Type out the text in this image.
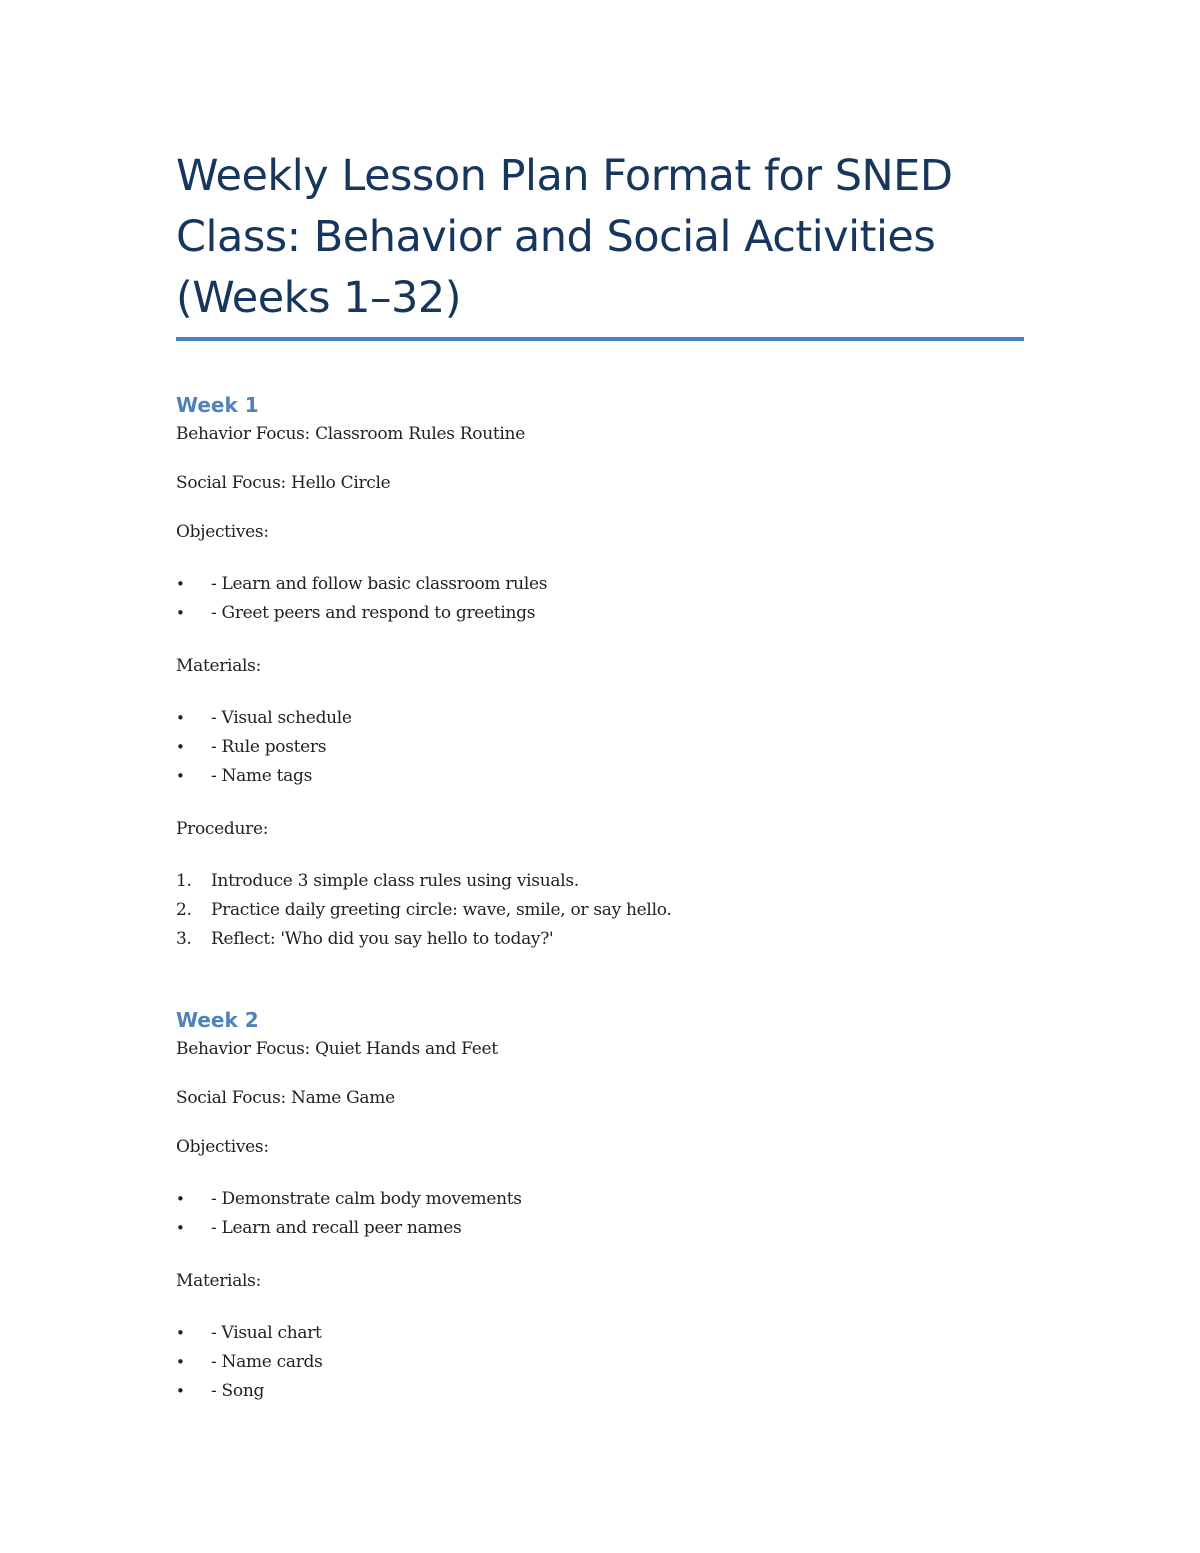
Weekly Lesson Plan Format for SNED Class: Behavior and Social Activities (Weeks 1–32)
Week 1

Behavior Focus: Classroom Rules Routine

Social Focus: Hello Circle

Objectives:

•	- Learn and follow basic classroom rules
•	- Greet peers and respond to greetings

Materials:

•	- Visual schedule
•	- Rule posters
•	- Name tags

Procedure:

1.	Introduce 3 simple class rules using visuals.
2.	Practice daily greeting circle: wave, smile, or say hello.
3.	Reflect: 'Who did you say hello to today?'
Week 2

Behavior Focus: Quiet Hands and Feet

Social Focus: Name Game

Objectives:

•	- Demonstrate calm body movements
•	- Learn and recall peer names

Materials:

•	- Visual chart
•	- Name cards
•	- Song
